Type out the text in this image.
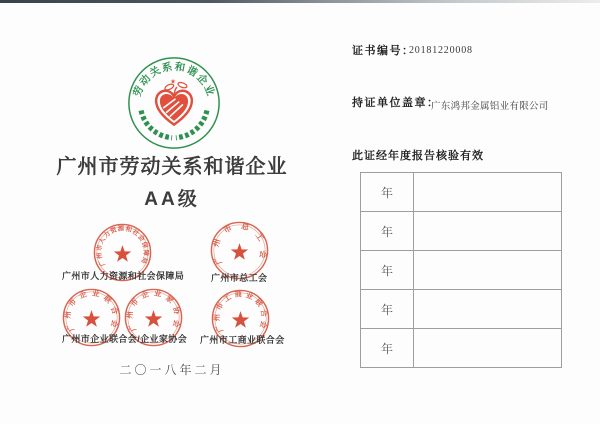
劳动关系和谐企业
★
广州市劳动关系和谐企业
AA级
广州市人力资源和社会保障局	广州市总工会
广州市人力资源和社会保障局	广州市总工会
广州市企业联合会 广州市企业家协会	广州市工商业联合会
广州市企业联合会/企业家协会 广州市工商业联合会
二〇一八年二月
证书编号：
20181220008
持证单位盖章：
广东鸿邦金属铝业有限公司
此证经年度报告核验有效
年
年
年
年
年
